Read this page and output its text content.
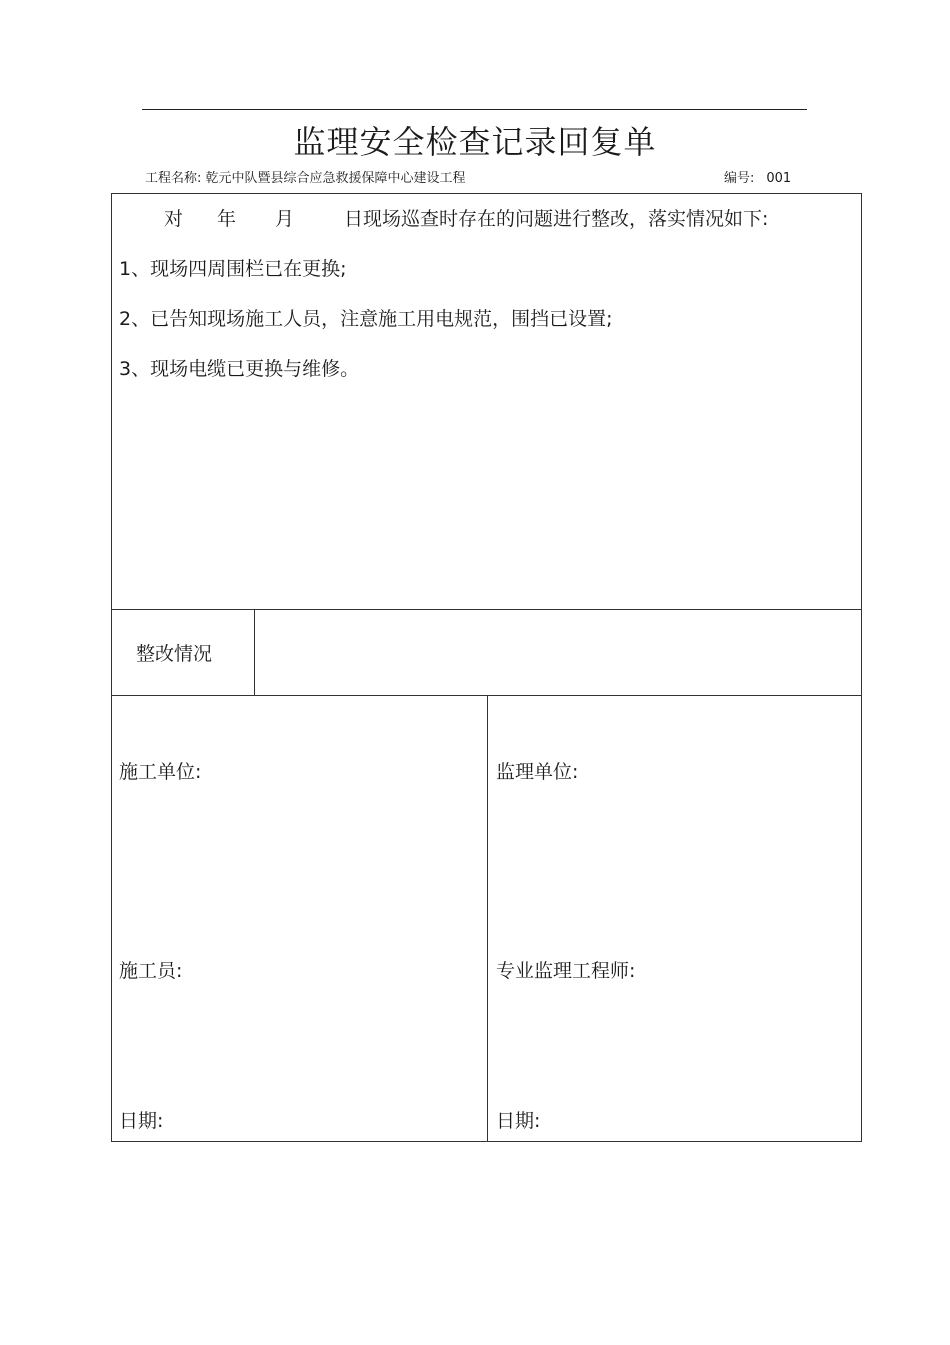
监理安全检查记录回复单
工程名称: 乾元中队暨县综合应急救援保障中心建设工程	编号: 001
对 年 月	日现场巡查时存在的问题进行整改，落实情况如下:
1、现场四周围栏已在更换;
2、已告知现场施工人员，注意施工用电规范，围挡已设置;
3、现场电缆已更换与维修。
整改情况
施工单位:
施工员:
日期:
监理单位:
专业监理工程师:
日期:
